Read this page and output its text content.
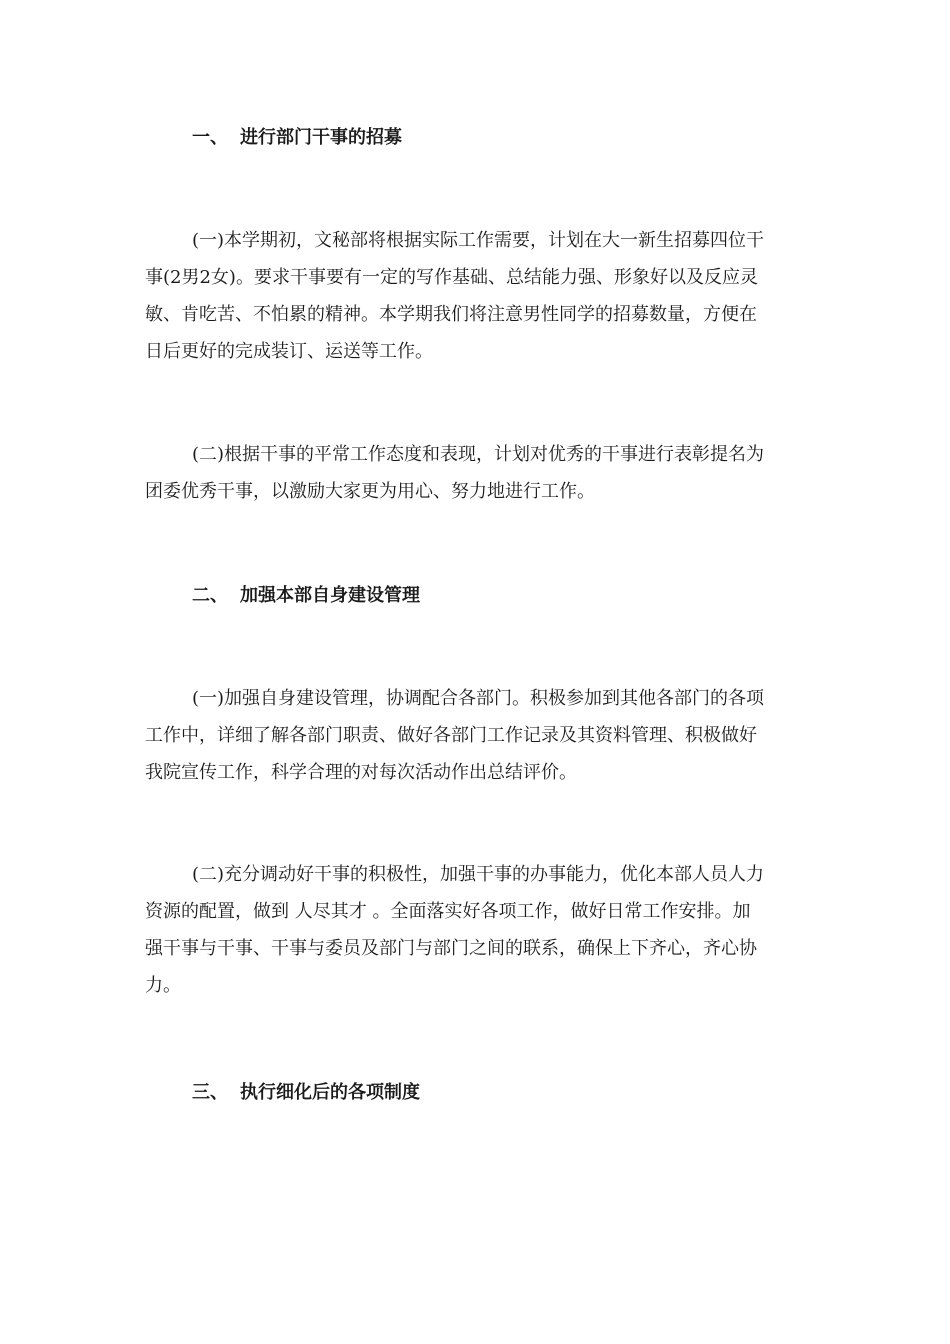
一、 进行部门干事的招募

(一)本学期初，文秘部将根据实际工作需要，计划在大一新生招募四位干
事(2男2女)。要求干事要有一定的写作基础、总结能力强、形象好以及反应灵
敏、肯吃苦、不怕累的精神。本学期我们将注意男性同学的招募数量，方便在
日后更好的完成装订、运送等工作。

(二)根据干事的平常工作态度和表现，计划对优秀的干事进行表彰提名为
团委优秀干事，以激励大家更为用心、努力地进行工作。

二、 加强本部自身建设管理

(一)加强自身建设管理，协调配合各部门。积极参加到其他各部门的各项
工作中，详细了解各部门职责、做好各部门工作记录及其资料管理、积极做好
我院宣传工作，科学合理的对每次活动作出总结评价。

(二)充分调动好干事的积极性，加强干事的办事能力，优化本部人员人力
资源的配置，做到 人尽其才 。全面落实好各项工作，做好日常工作安排。加
强干事与干事、干事与委员及部门与部门之间的联系，确保上下齐心，齐心协
力。

三、 执行细化后的各项制度
